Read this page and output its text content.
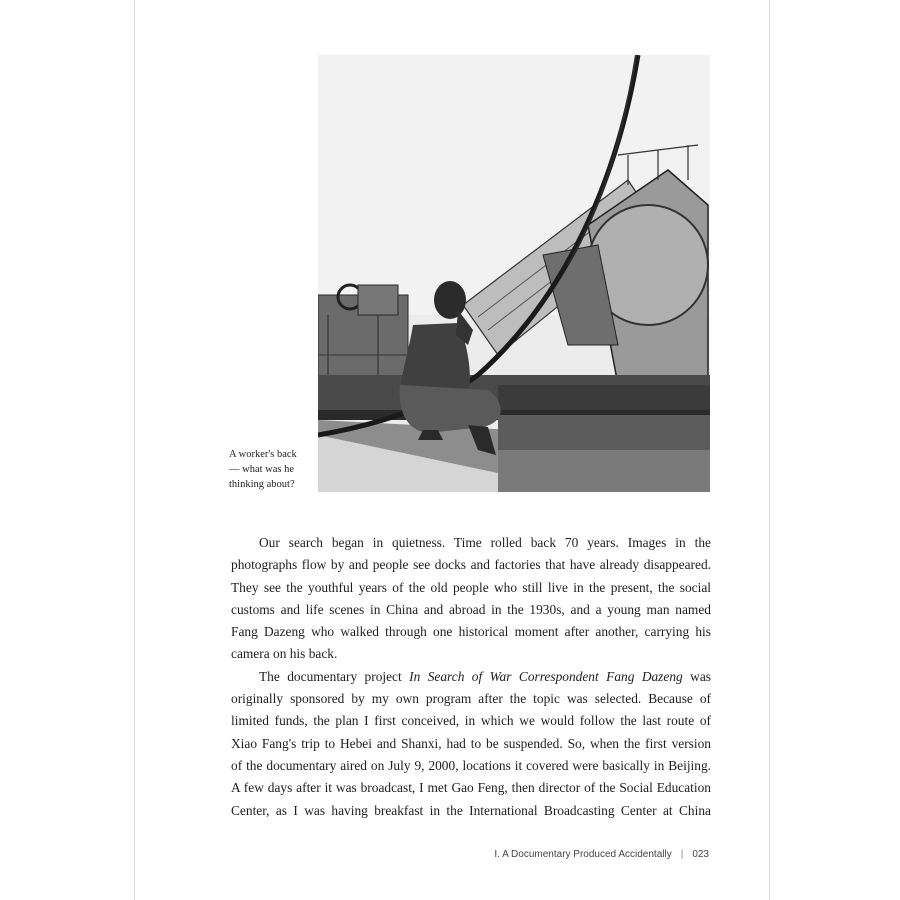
A worker's back
— what was he
thinking about?

Our search began in quietness. Time rolled back 70 years. Images in the
photographs flow by and people see docks and factories that have already disappeared.
They see the youthful years of the old people who still live in the present, the social
customs and life scenes in China and abroad in the 1930s, and a young man named
Fang Dazeng who walked through one historical moment after another, carrying his
camera on his back.

The documentary project In Search of War Correspondent Fang Dazeng was
originally sponsored by my own program after the topic was selected. Because of
limited funds, the plan I first conceived, in which we would follow the last route of
Xiao Fang's trip to Hebei and Shanxi, had to be suspended. So, when the first version
of the documentary aired on July 9, 2000, locations it covered were basically in Beijing.
A few days after it was broadcast, I met Gao Feng, then director of the Social Education
Center, as I was having breakfast in the International Broadcasting Center at China

I. A Documentary Produced Accidentally | 023
